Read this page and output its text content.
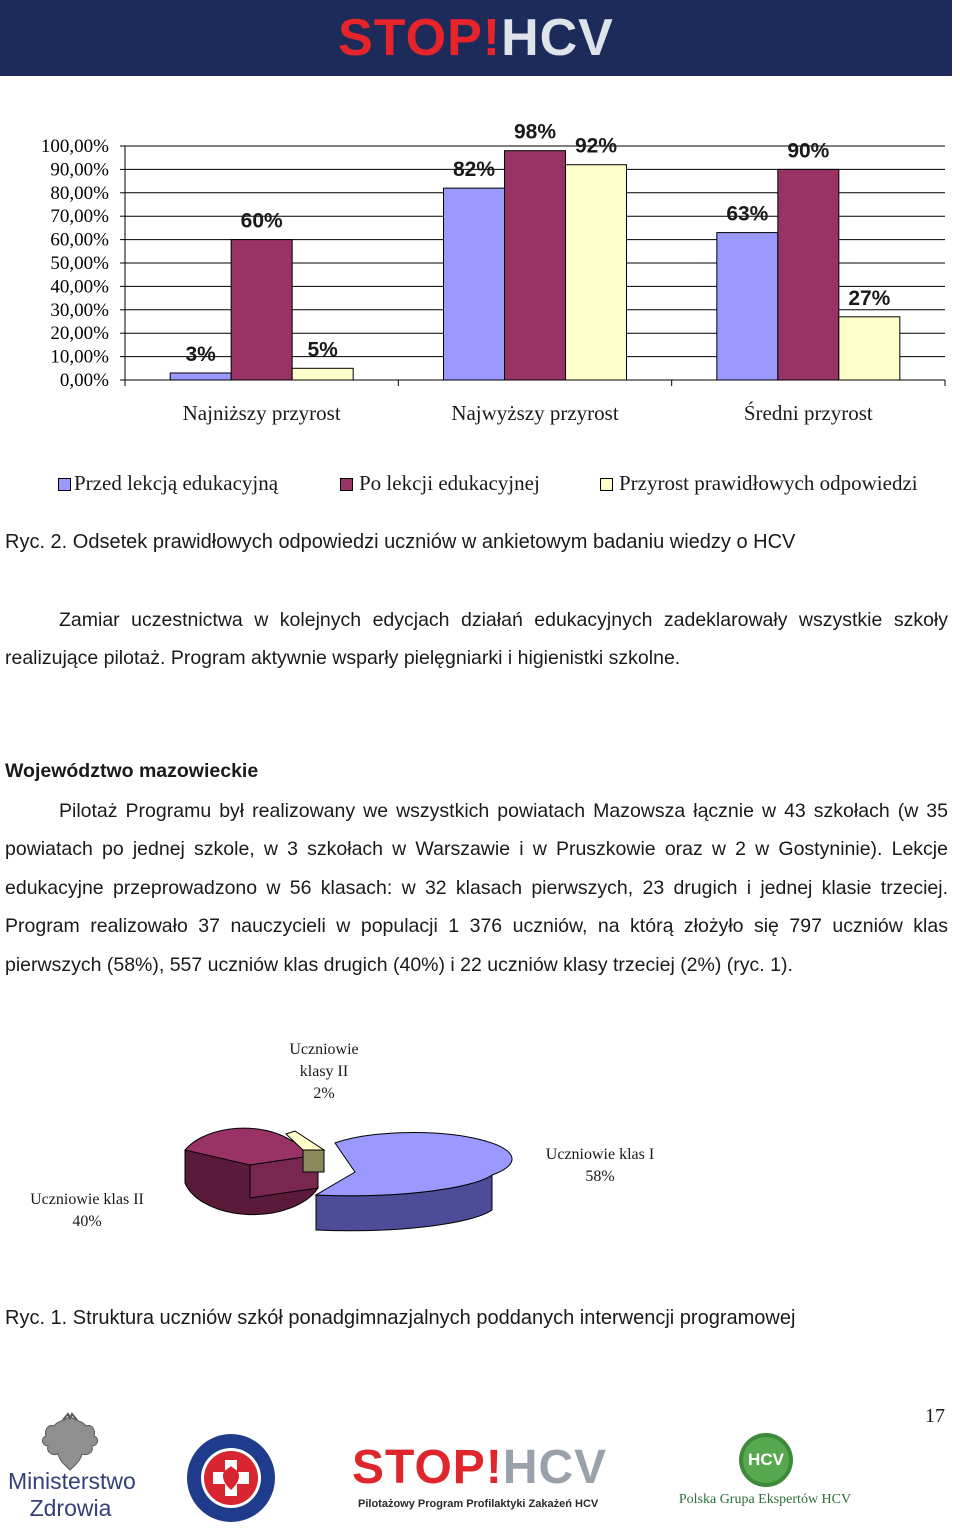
STOP!HCV
0,00%
10,00%
20,00%
30,00%
40,00%
50,00%
60,00%
70,00%
80,00%
90,00%
100,00%
3%
60%
5%
Najniższy przyrost
82%
98%
92%
Najwyższy przyrost
63%
90%
27%
Średni przyrost
Przed lekcją edukacyjną	Po lekcji edukacyjnej	Przyrost prawidłowych odpowiedzi
Ryc. 2. Odsetek prawidłowych odpowiedzi uczniów w ankietowym badaniu wiedzy o HCV
Zamiar uczestnictwa w kolejnych edycjach działań edukacyjnych zadeklarowały wszystkie szkoły realizujące pilotaż. Program aktywnie wsparły pielęgniarki i higienistki szkolne.
Województwo mazowieckie
Pilotaż Programu był realizowany we wszystkich powiatach Mazowsza łącznie w 43 szkołach (w 35 powiatach po jednej szkole, w 3 szkołach w Warszawie i w Pruszkowie oraz w 2 w Gostyninie). Lekcje edukacyjne przeprowadzono w 56 klasach: w 32 klasach pierwszych, 23 drugich i jednej klasie trzeciej. Program realizowało 37 nauczycieli w populacji 1 376 uczniów, na którą złożyło się 797 uczniów klas pierwszych (58%), 557 uczniów klas drugich (40%) i 22 uczniów klasy trzeciej (2%) (ryc. 1).
Uczniowie klasy II
2%
Uczniowie klas I
58%
Uczniowie klas II
40%
Ryc. 1. Struktura uczniów szkół ponadgimnazjalnych poddanych interwencji programowej
17
Ministerstwo
Zdrowia
STOP!HCV
Pilotażowy Program Profilaktyki Zakażeń HCV
HCV
Polska Grupa Ekspertów HCV
